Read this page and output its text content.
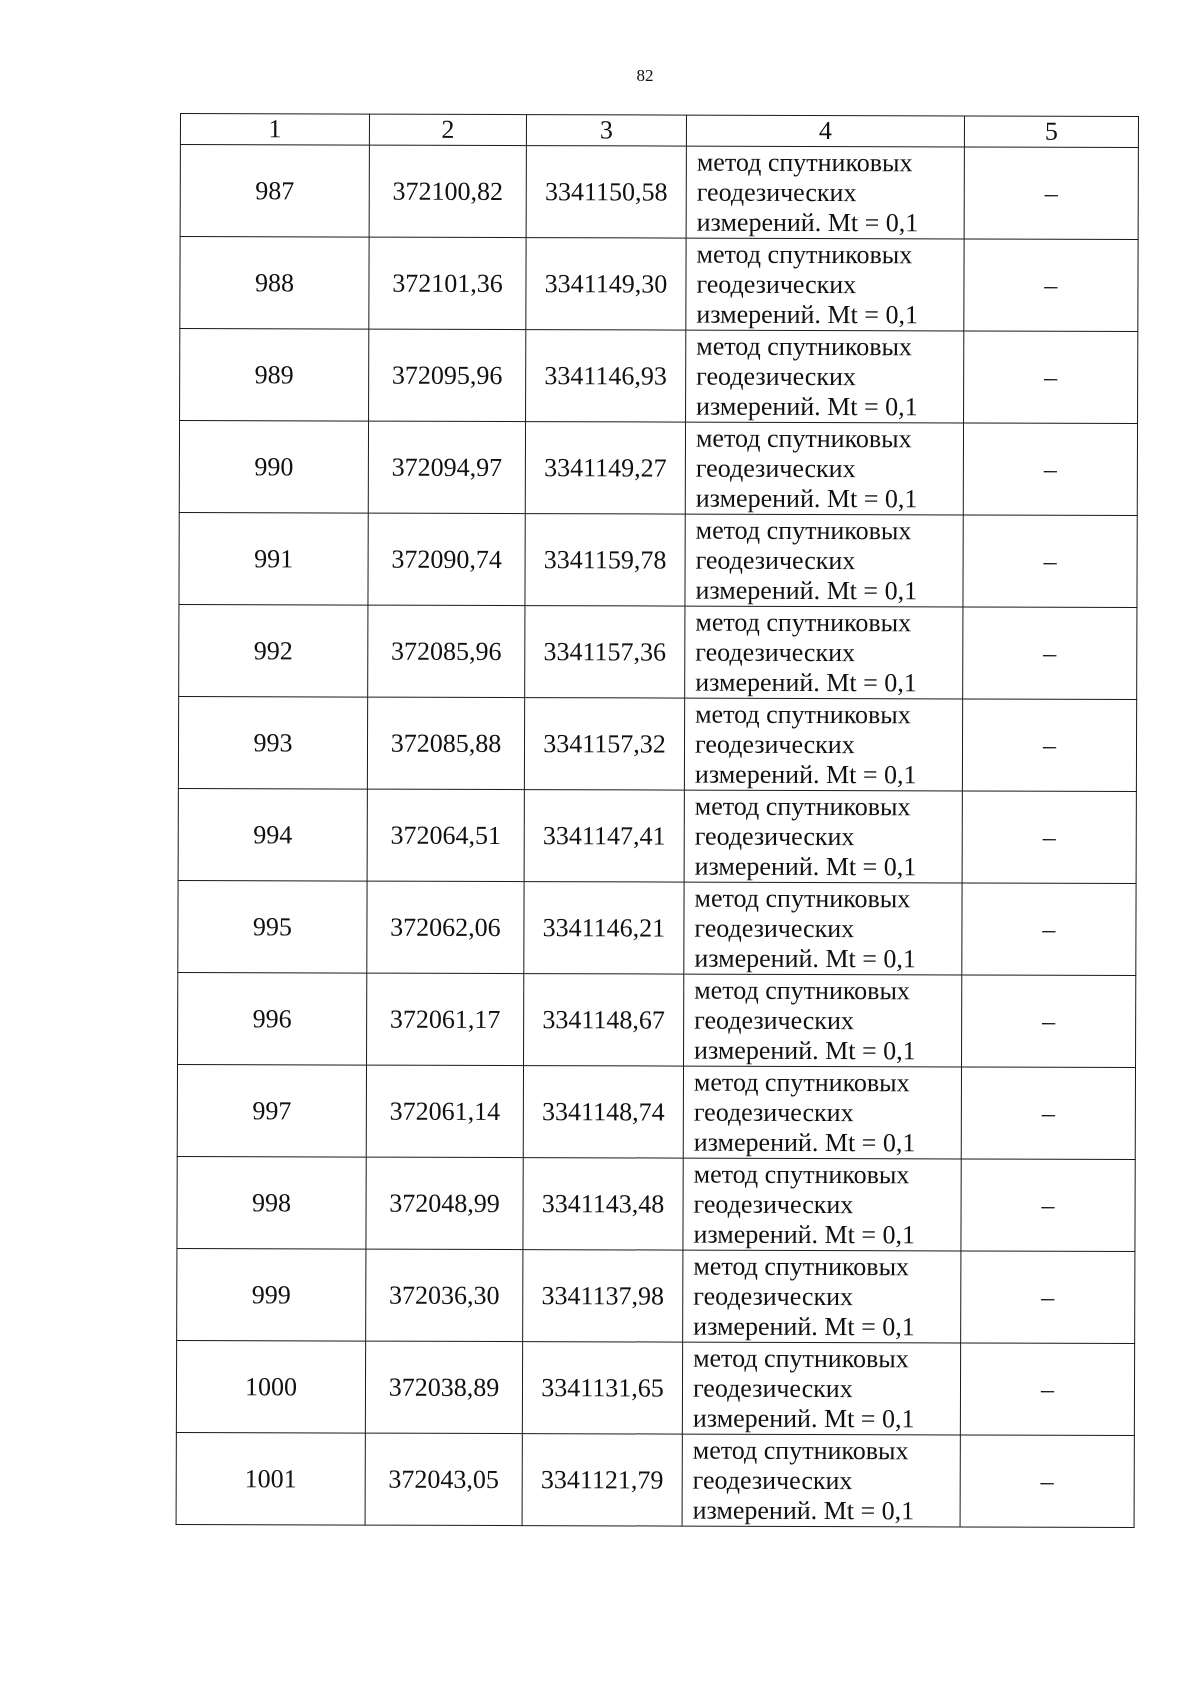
82
1	2	3	4	5
987	372100,82	3341150,58	метод спутниковых
геодезических
измерений. Mt = 0,1	–
988	372101,36	3341149,30	метод спутниковых
геодезических
измерений. Mt = 0,1	–
989	372095,96	3341146,93	метод спутниковых
геодезических
измерений. Mt = 0,1	–
990	372094,97	3341149,27	метод спутниковых
геодезических
измерений. Mt = 0,1	–
991	372090,74	3341159,78	метод спутниковых
геодезических
измерений. Mt = 0,1	–
992	372085,96	3341157,36	метод спутниковых
геодезических
измерений. Mt = 0,1	–
993	372085,88	3341157,32	метод спутниковых
геодезических
измерений. Mt = 0,1	–
994	372064,51	3341147,41	метод спутниковых
геодезических
измерений. Mt = 0,1	–
995	372062,06	3341146,21	метод спутниковых
геодезических
измерений. Mt = 0,1	–
996	372061,17	3341148,67	метод спутниковых
геодезических
измерений. Mt = 0,1	–
997	372061,14	3341148,74	метод спутниковых
геодезических
измерений. Mt = 0,1	–
998	372048,99	3341143,48	метод спутниковых
геодезических
измерений. Mt = 0,1	–
999	372036,30	3341137,98	метод спутниковых
геодезических
измерений. Mt = 0,1	–
1000	372038,89	3341131,65	метод спутниковых
геодезических
измерений. Mt = 0,1	–
1001	372043,05	3341121,79	метод спутниковых
геодезических
измерений. Mt = 0,1	–
